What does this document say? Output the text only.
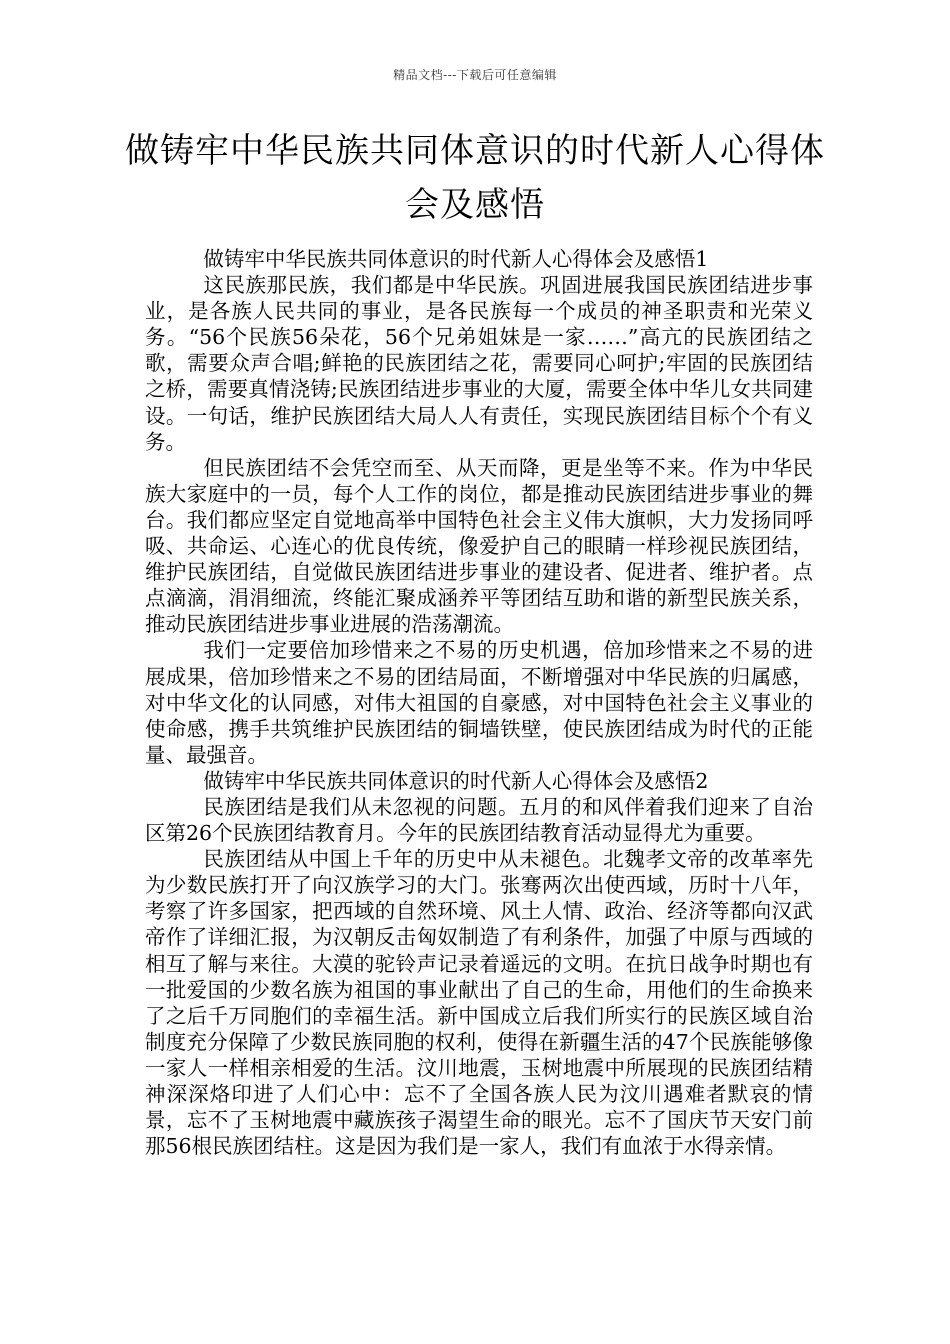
精品文档---下载后可任意编辑
做铸牢中华民族共同体意识的时代新人心得体会及感悟

做铸牢中华民族共同体意识的时代新人心得体会及感悟1

这民族那民族，我们都是中华民族。巩固进展我国民族团结进步事业，是各族人民共同的事业，是各民族每一个成员的神圣职责和光荣义务。“56个民族56朵花，56个兄弟姐妹是一家……”高亢的民族团结之歌，需要众声合唱;鲜艳的民族团结之花，需要同心呵护;牢固的民族团结之桥，需要真情浇铸;民族团结进步事业的大厦，需要全体中华儿女共同建设。一句话，维护民族团结大局人人有责任，实现民族团结目标个个有义务。

但民族团结不会凭空而至、从天而降，更是坐等不来。作为中华民族大家庭中的一员，每个人工作的岗位，都是推动民族团结进步事业的舞台。我们都应坚定自觉地高举中国特色社会主义伟大旗帜，大力发扬同呼吸、共命运、心连心的优良传统，像爱护自己的眼睛一样珍视民族团结，维护民族团结，自觉做民族团结进步事业的建设者、促进者、维护者。点点滴滴，涓涓细流，终能汇聚成涵养平等团结互助和谐的新型民族关系，推动民族团结进步事业进展的浩荡潮流。

我们一定要倍加珍惜来之不易的历史机遇，倍加珍惜来之不易的进展成果，倍加珍惜来之不易的团结局面，不断增强对中华民族的归属感，对中华文化的认同感，对伟大祖国的自豪感，对中国特色社会主义事业的使命感，携手共筑维护民族团结的铜墙铁壁，使民族团结成为时代的正能量、最强音。

做铸牢中华民族共同体意识的时代新人心得体会及感悟2

民族团结是我们从未忽视的问题。五月的和风伴着我们迎来了自治区第26个民族团结教育月。今年的民族团结教育活动显得尤为重要。

民族团结从中国上千年的历史中从未褪色。北魏孝文帝的改革率先为少数民族打开了向汉族学习的大门。张骞两次出使西域，历时十八年，考察了许多国家，把西域的自然环境、风土人情、政治、经济等都向汉武帝作了详细汇报，为汉朝反击匈奴制造了有利条件，加强了中原与西域的相互了解与来往。大漠的驼铃声记录着遥远的文明。在抗日战争时期也有一批爱国的少数名族为祖国的事业献出了自己的生命，用他们的生命换来了之后千万同胞们的幸福生活。新中国成立后我们所实行的民族区域自治制度充分保障了少数民族同胞的权利，使得在新疆生活的47个民族能够像一家人一样相亲相爱的生活。汶川地震，玉树地震中所展现的民族团结精神深深烙印进了人们心中：忘不了全国各族人民为汶川遇难者默哀的情景，忘不了玉树地震中藏族孩子渴望生命的眼光。忘不了国庆节天安门前那56根民族团结柱。这是因为我们是一家人，我们有血浓于水得亲情。
